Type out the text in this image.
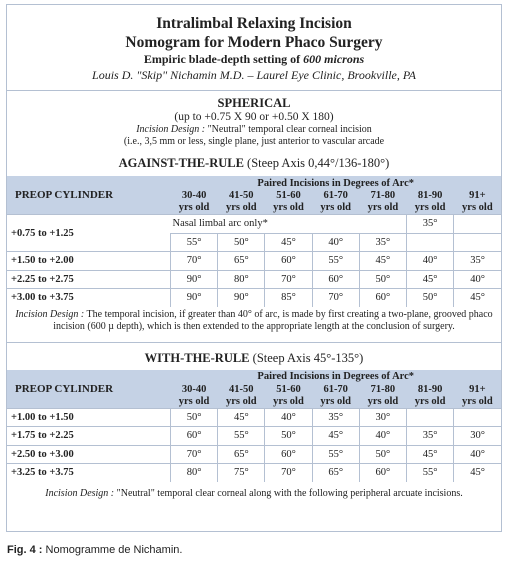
Intralimbal Relaxing Incision
Nomogram for Modern Phaco Surgery
Empiric blade-depth setting of 600 microns
Louis D. "Skip" Nichamin M.D. – Laurel Eye Clinic, Brookville, PA
SPHERICAL
(up to +0.75 X 90 or +0.50 X 180)
Incision Design : "Neutral" temporal clear corneal incision
(i.e., 3,5 mm or less, single plane, just anterior to vascular arcade
AGAINST-THE-RULE (Steep Axis 0,44°/136-180°)
PREOP CYLINDER	Paired Incisions in Degrees of Arc*						
	30-40
yrs old	41-50
yrs old	51-60
yrs old	61-70
yrs old	71-80
yrs old	81-90
yrs old	91+
yrs old
+0.75 to +1.25	Nasal limbal arc only*					35°	
	55°	50°	45°	40°	35°		
+1.50 to +2.00	70°	65°	60°	55°	45°	40°	35°
+2.25 to +2.75	90°	80°	70°	60°	50°	45°	40°
+3.00 to +3.75	90°	90°	85°	70°	60°	50°	45°
Incision Design : The temporal incision, if greater than 40° of arc, is made by first creating a two-plane, grooved phaco incision (600 µ depth), which is then extended to the appropriate length at the conclusion of surgery.
WITH-THE-RULE (Steep Axis 45°-135°)
PREOP CYLINDER	Paired Incisions in Degrees of Arc*						
	30-40
yrs old	41-50
yrs old	51-60
yrs old	61-70
yrs old	71-80
yrs old	81-90
yrs old	91+
yrs old
+1.00 to +1.50	50°	45°	40°	35°	30°		
+1.75 to +2.25	60°	55°	50°	45°	40°	35°	30°
+2.50 to +3.00	70°	65°	60°	55°	50°	45°	40°
+3.25 to +3.75	80°	75°	70°	65°	60°	55°	45°
Incision Design : "Neutral" temporal clear corneal along with the following peripheral arcuate incisions.
Fig. 4 : Nomogramme de Nichamin.
